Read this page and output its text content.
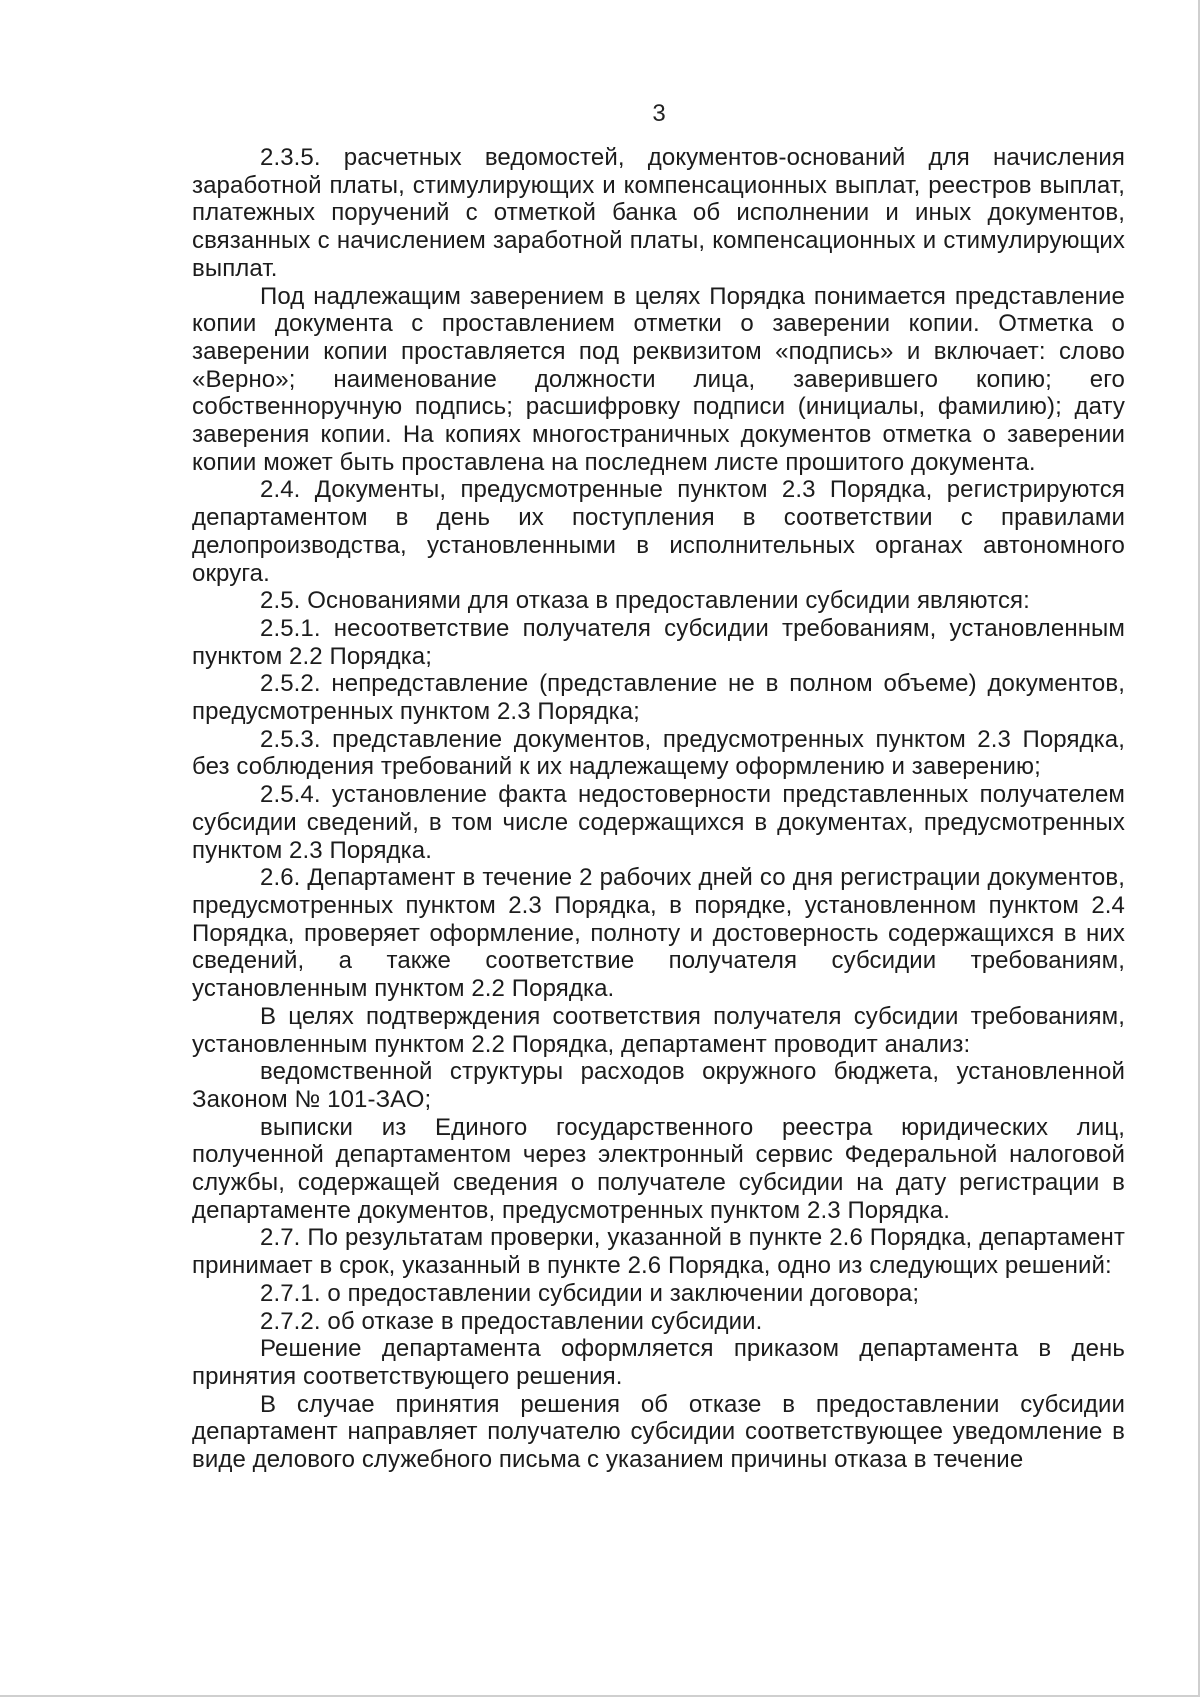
3

2.3.5. расчетных ведомостей, документов-оснований для начисления заработной платы, стимулирующих и компенсационных выплат, реестров выплат, платежных поручений с отметкой банка об исполнении и иных документов, связанных с начислением заработной платы, компенсационных и стимулирующих выплат.

Под надлежащим заверением в целях Порядка понимается представление копии документа с проставлением отметки о заверении копии. Отметка о заверении копии проставляется под реквизитом «подпись» и включает: слово «Верно»; наименование должности лица, заверившего копию; его собственноручную подпись; расшифровку подписи (инициалы, фамилию); дату заверения копии. На копиях многостраничных документов отметка о заверении копии может быть проставлена на последнем листе прошитого документа.

2.4. Документы, предусмотренные пунктом 2.3 Порядка, регистрируются департаментом в день их поступления в соответствии с правилами делопроизводства, установленными в исполнительных органах автономного округа.

2.5. Основаниями для отказа в предоставлении субсидии являются:

2.5.1. несоответствие получателя субсидии требованиям, установленным пунктом 2.2 Порядка;

2.5.2. непредставление (представление не в полном объеме) документов, предусмотренных пунктом 2.3 Порядка;

2.5.3. представление документов, предусмотренных пунктом 2.3 Порядка, без соблюдения требований к их надлежащему оформлению и заверению;

2.5.4. установление факта недостоверности представленных получателем субсидии сведений, в том числе содержащихся в документах, предусмотренных пунктом 2.3 Порядка.

2.6. Департамент в течение 2 рабочих дней со дня регистрации документов, предусмотренных пунктом 2.3 Порядка, в порядке, установленном пунктом 2.4 Порядка, проверяет оформление, полноту и достоверность содержащихся в них сведений, а также соответствие получателя субсидии требованиям, установленным пунктом 2.2 Порядка.

В целях подтверждения соответствия получателя субсидии требованиям, установленным пунктом 2.2 Порядка, департамент проводит анализ:

ведомственной структуры расходов окружного бюджета, установленной Законом № 101-ЗАО;

выписки из Единого государственного реестра юридических лиц, полученной департаментом через электронный сервис Федеральной налоговой службы, содержащей сведения о получателе субсидии на дату регистрации в департаменте документов, предусмотренных пунктом 2.3 Порядка.

2.7. По результатам проверки, указанной в пункте 2.6 Порядка, департамент принимает в срок, указанный в пункте 2.6 Порядка, одно из следующих решений:

2.7.1. о предоставлении субсидии и заключении договора;

2.7.2. об отказе в предоставлении субсидии.

Решение департамента оформляется приказом департамента в день принятия соответствующего решения.

В случае принятия решения об отказе в предоставлении субсидии департамент направляет получателю субсидии соответствующее уведомление в виде делового служебного письма с указанием причины отказа в течение
